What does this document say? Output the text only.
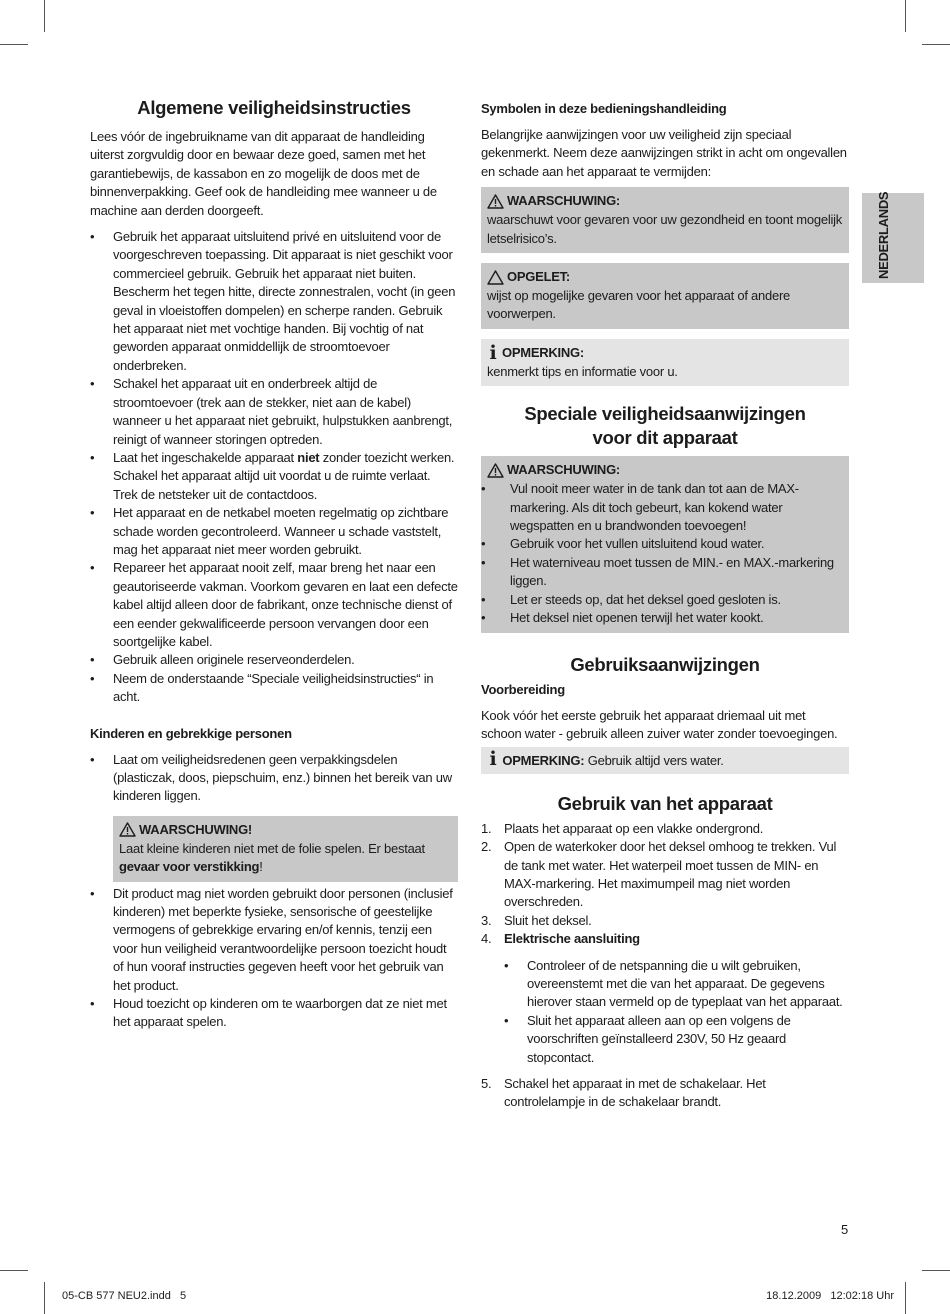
NEDERLANDS
Algemene veiligheidsinstructies

Lees vóór de ingebruikname van dit apparaat de handleiding uiterst zorgvuldig door en bewaar deze goed, samen met het garantiebewijs, de kassabon en zo mogelijk de doos met de binnenverpakking. Geef ook de handleiding mee wanneer u de machine aan derden doorgeeft.

• Gebruik het apparaat uitsluitend privé en uitsluitend voor de voorgeschreven toepassing. Dit apparaat is niet geschikt voor commercieel gebruik. Gebruik het apparaat niet buiten. Bescherm het tegen hitte, directe zonnestralen, vocht (in geen geval in vloeistoffen dompelen) en scherpe randen. Gebruik het apparaat niet met vochtige handen. Bij vochtig of nat geworden apparaat onmiddellijk de stroomtoevoer onderbreken.
• Schakel het apparaat uit en onderbreek altijd de stroomtoevoer (trek aan de stekker, niet aan de kabel) wanneer u het apparaat niet gebruikt, hulpstukken aanbrengt, reinigt of wanneer storingen optreden.
• Laat het ingeschakelde apparaat niet zonder toezicht werken. Schakel het apparaat altijd uit voordat u de ruimte verlaat. Trek de netsteker uit de contactdoos.
• Het apparaat en de netkabel moeten regelmatig op zichtbare schade worden gecontroleerd. Wanneer u schade vaststelt, mag het apparaat niet meer worden gebruikt.
• Repareer het apparaat nooit zelf, maar breng het naar een geautoriseerde vakman. Voorkom gevaren en laat een defecte kabel altijd alleen door de fabrikant, onze technische dienst of een eender gekwalificeerde persoon vervangen door een soortgelijke kabel.
• Gebruik alleen originele reserveonderdelen.
• Neem de onderstaande “Speciale veiligheidsinstructies“ in acht.
Kinderen en gebrekkige personen
• Laat om veiligheidsredenen geen verpakkingsdelen (plasticzak, doos, piepschuim, enz.) binnen het bereik van uw kinderen liggen.
WAARSCHUWING!
Laat kleine kinderen niet met de folie spelen. Er bestaat gevaar voor verstikking!
• Dit product mag niet worden gebruikt door personen (inclusief kinderen) met beperkte fysieke, sensorische of geestelijke vermogens of gebrekkige ervaring en/of kennis, tenzij een voor hun veiligheid verantwoordelijke persoon toezicht houdt of hun vooraf instructies gegeven heeft voor het gebruik van het product.
• Houd toezicht op kinderen om te waarborgen dat ze niet met het apparaat spelen.
Symbolen in deze bedieningshandleiding

Belangrijke aanwijzingen voor uw veiligheid zijn speciaal gekenmerkt. Neem deze aanwijzingen strikt in acht om ongevallen en schade aan het apparaat te vermijden:

WAARSCHUWING:
waarschuwt voor gevaren voor uw gezondheid en toont mogelijk letselrisico’s.
OPGELET:
wijst op mogelijke gevaren voor het apparaat of andere voorwerpen.
i OPMERKING:
kenmerkt tips en informatie voor u.
Speciale veiligheidsaanwijzingen
voor dit apparaat
WAARSCHUWING:
• Vul nooit meer water in de tank dan tot aan de MAX-markering. Als dit toch gebeurt, kan kokend water wegspatten en u brandwonden toevoegen!
• Gebruik voor het vullen uitsluitend koud water.
• Het waterniveau moet tussen de MIN.- en MAX.-markering liggen.
• Let er steeds op, dat het deksel goed gesloten is.
• Het deksel niet openen terwijl het water kookt.
Gebruiksaanwijzingen
Voorbereiding

Kook vóór het eerste gebruik het apparaat driemaal uit met schoon water - gebruik alleen zuiver water zonder toevoegingen.

i OPMERKING: Gebruik altijd vers water.
Gebruik van het apparaat
1. Plaats het apparaat op een vlakke ondergrond.
2. Open de waterkoker door het deksel omhoog te trekken. Vul de tank met water. Het waterpeil moet tussen de MIN- en MAX-markering. Het maximumpeil mag niet worden overschreden.
3. Sluit het deksel.
4. Elektrische aansluiting
• Controleer of de netspanning die u wilt gebruiken, overeenstemt met die van het apparaat. De gegevens hierover staan vermeld op de typeplaat van het apparaat.
• Sluit het apparaat alleen aan op een volgens de voorschriften geïnstalleerd 230V, 50 Hz geaard stopcontact.
5. Schakel het apparaat in met de schakelaar. Het controlelampje in de schakelaar brandt.
5
05-CB 577 NEU2.indd   5	18.12.2009   12:02:18 Uhr
